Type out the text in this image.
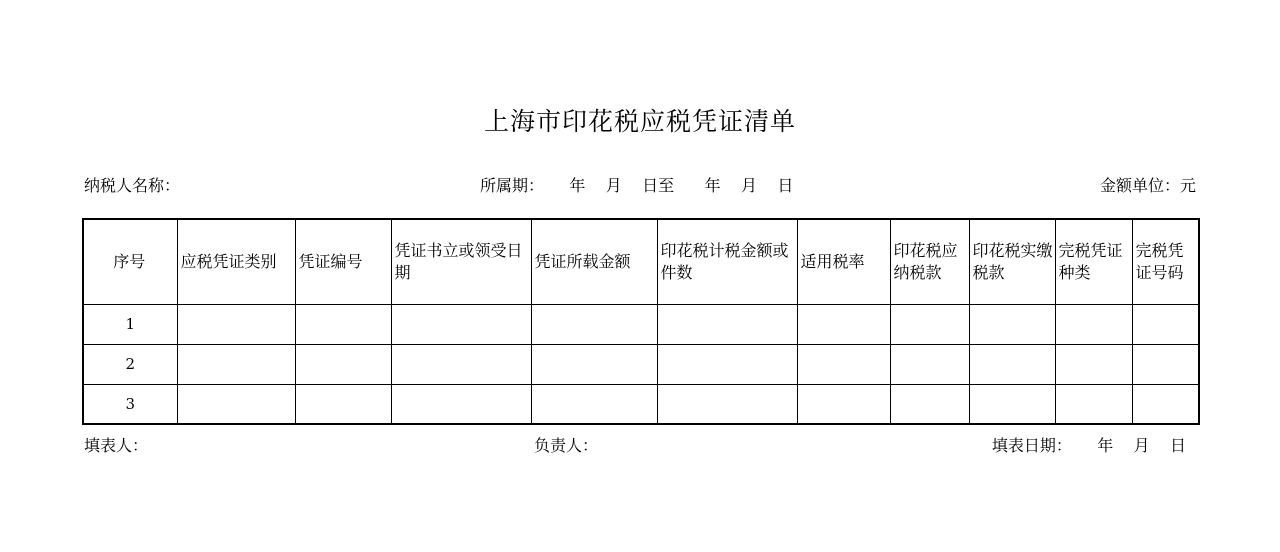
上海市印花税应税凭证清单
纳税人名称：	所属期：     年    月    日至      年    月    日	金额单位：元
序号	应税凭证类别	凭证编号	凭证书立或领受日期	凭证所载金额	印花税计税金额或件数	适用税率	印花税应纳税款	印花税实缴税款	完税凭证种类	完税凭证号码
1										
2										
3										
填表人：	负责人：	填表日期：     年    月    日
